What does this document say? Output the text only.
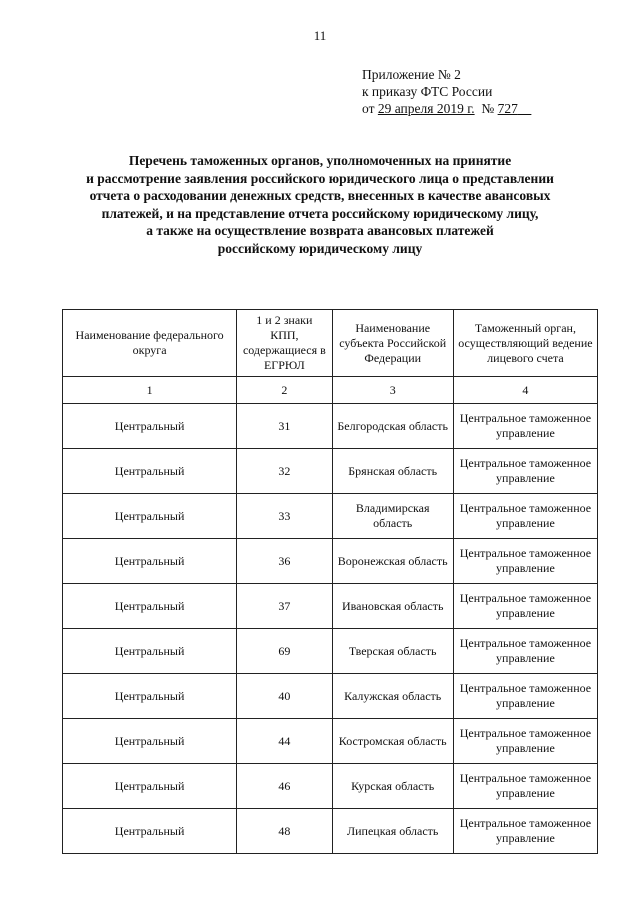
11
Приложение № 2
к приказу ФТС России
от 29 апреля 2019 г. № 727
Перечень таможенных органов, уполномоченных на принятие
и рассмотрение заявления российского юридического лица о представлении
отчета о расходовании денежных средств, внесенных в качестве авансовых
платежей, и на представление отчета российскому юридическому лицу,
а также на осуществление возврата авансовых платежей
российскому юридическому лицу
Наименование федерального округа	1 и 2 знаки КПП, содержащиеся в ЕГРЮЛ	Наименование субъекта Российской Федерации	Таможенный орган, осуществляющий ведение лицевого счета
1	2	3	4
Центральный	31	Белгородская область	Центральное таможенное управление
Центральный	32	Брянская область	Центральное таможенное управление
Центральный	33	Владимирская область	Центральное таможенное управление
Центральный	36	Воронежская область	Центральное таможенное управление
Центральный	37	Ивановская область	Центральное таможенное управление
Центральный	69	Тверская область	Центральное таможенное управление
Центральный	40	Калужская область	Центральное таможенное управление
Центральный	44	Костромская область	Центральное таможенное управление
Центральный	46	Курская область	Центральное таможенное управление
Центральный	48	Липецкая область	Центральное таможенное управление
